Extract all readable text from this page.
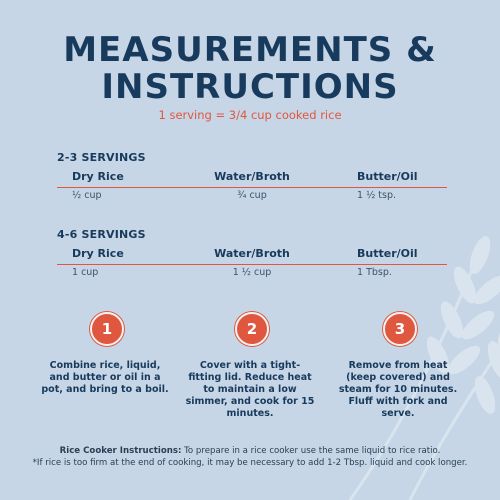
MEASUREMENTS &
INSTRUCTIONS
1 serving = 3/4 cup cooked rice
2-3 SERVINGS
Dry Rice	Water/Broth	Butter/Oil
½ cup	¾ cup	1 ½ tsp.
4-6 SERVINGS
Dry Rice	Water/Broth	Butter/Oil
1 cup	1 ½ cup	1 Tbsp.
1	2	3
Combine rice, liquid, and butter or oil in a pot, and bring to a boil.
Cover with a tight-fitting lid. Reduce heat to maintain a low simmer, and cook for 15 minutes.
Remove from heat (keep covered) and steam for 10 minutes. Fluff with fork and serve.
Rice Cooker Instructions: To prepare in a rice cooker use the same liquid to rice ratio.
*If rice is too firm at the end of cooking, it may be necessary to add 1-2 Tbsp. liquid and cook longer.
